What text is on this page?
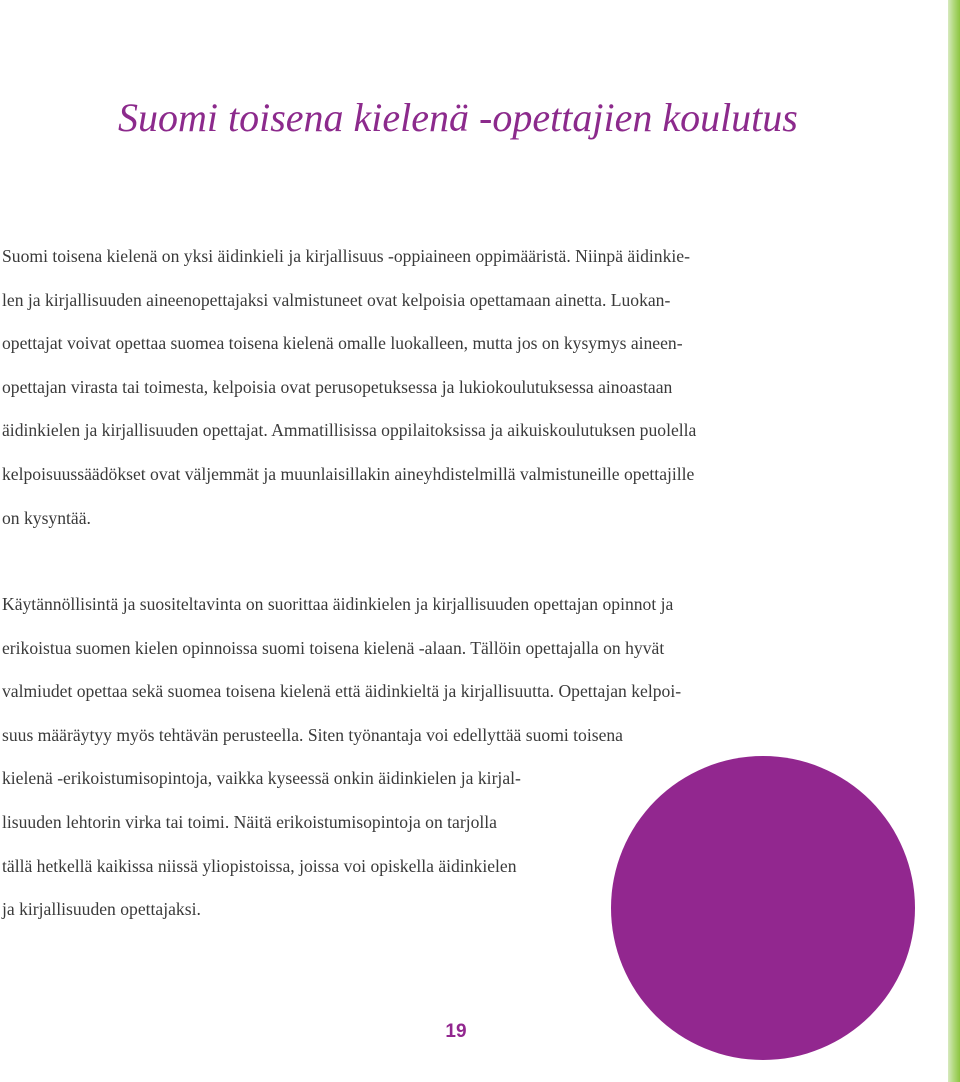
Suomi toisena kielenä -opettajien koulutus
Suomi toisena kielenä on yksi äidinkieli ja kirjallisuus -oppiaineen oppimääristä. Niinpä äidinkie-
len ja kirjallisuuden aineenopettajaksi valmistuneet ovat kelpoisia opettamaan ainetta. Luokan-
opettajat voivat opettaa suomea toisena kielenä omalle luokalleen, mutta jos on kysymys aineen-
opettajan virasta tai toimesta, kelpoisia ovat perusopetuksessa ja lukiokoulutuksessa ainoastaan
äidinkielen ja kirjallisuuden opettajat. Ammatillisissa oppilaitoksissa ja aikuiskoulutuksen puolella
kelpoisuussäädökset ovat väljemmät ja muunlaisillakin aineyhdistelmillä valmistuneille opettajille
on kysyntää.
Käytännöllisintä ja suositeltavinta on suorittaa äidinkielen ja kirjallisuuden opettajan opinnot ja
erikoistua suomen kielen opinnoissa suomi toisena kielenä -alaan. Tällöin opettajalla on hyvät
valmiudet opettaa sekä suomea toisena kielenä että äidinkieltä ja kirjallisuutta. Opettajan kelpoi-
suus määräytyy myös tehtävän perusteella. Siten työnantaja voi edellyttää suomi toisena
kielenä -erikoistumisopintoja, vaikka kyseessä onkin äidinkielen ja kirjal-
lisuuden lehtorin virka tai toimi. Näitä erikoistumisopintoja on tarjolla
tällä hetkellä kaikissa niissä yliopistoissa, joissa voi opiskella äidinkielen
ja kirjallisuuden opettajaksi.
19
